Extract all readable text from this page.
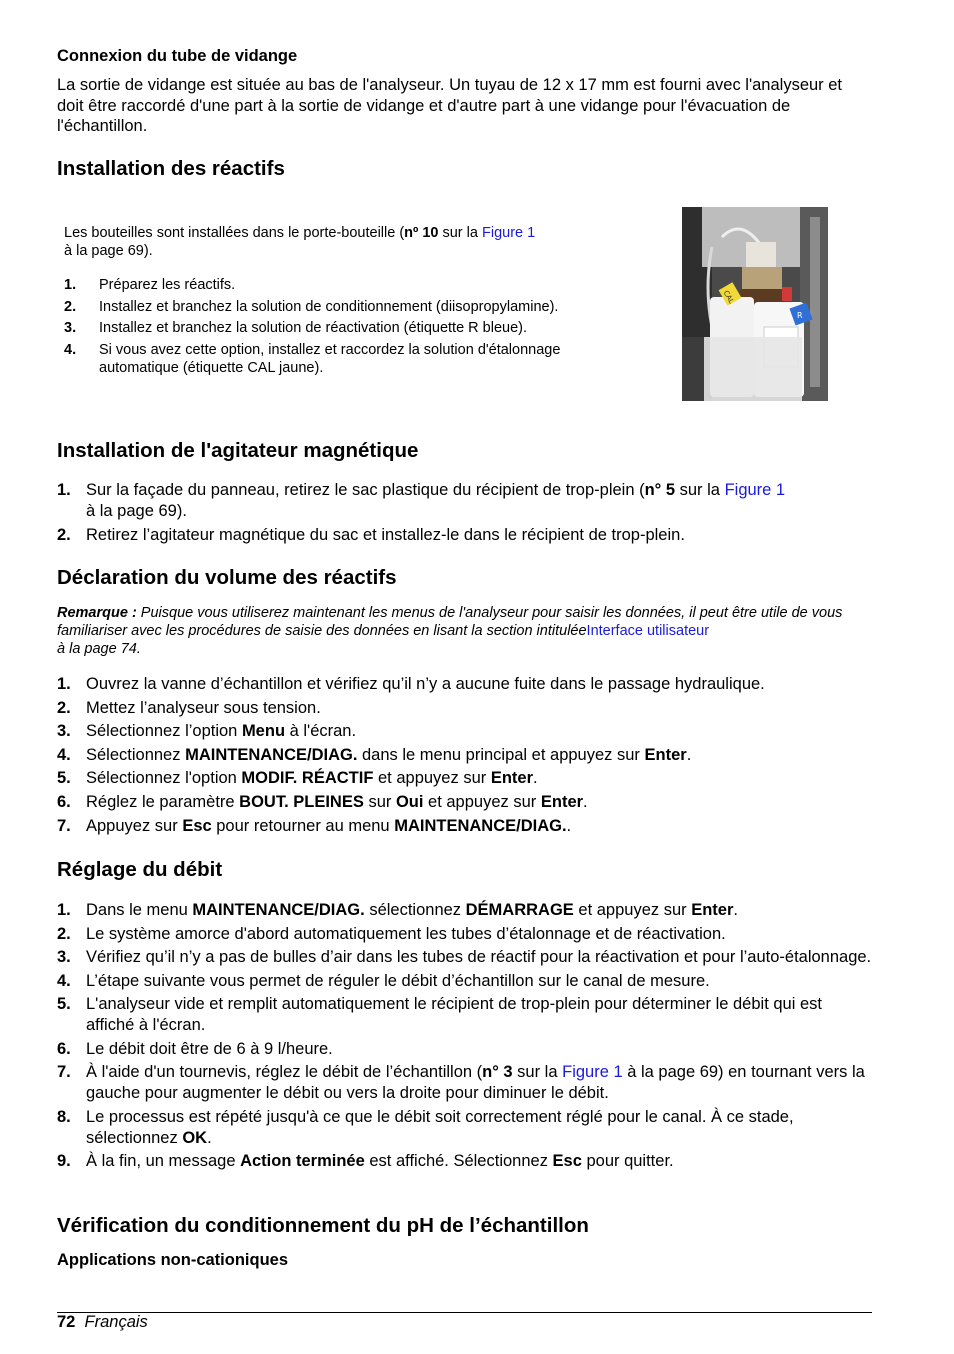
Connexion du tube de vidange
La sortie de vidange est située au bas de l'analyseur. Un tuyau de 12 x 17 mm est fourni avec l'analyseur et doit être raccordé d'une part à la sortie de vidange et d'autre part à une vidange pour l'évacuation de l'échantillon.
Installation des réactifs
Les bouteilles sont installées dans le porte-bouteille (nº 10 sur la Figure 1
à la page 69).
1. Préparez les réactifs.
2. Installez et branchez la solution de conditionnement (diisopropylamine).
3. Installez et branchez la solution de réactivation (étiquette R bleue).
4. Si vous avez cette option, installez et raccordez la solution d'étalonnage automatique (étiquette CAL jaune).
CAL
R
Installation de l'agitateur magnétique
1. Sur la façade du panneau, retirez le sac plastique du récipient de trop-plein (n° 5 sur la Figure 1
à la page 69).
2. Retirez l’agitateur magnétique du sac et installez-le dans le récipient de trop-plein.
Déclaration du volume des réactifs
Remarque : Puisque vous utiliserez maintenant les menus de l'analyseur pour saisir les données, il peut être utile de vous familiariser avec les procédures de saisie des données en lisant la section intituléeInterface utilisateur
à la page 74.
1. Ouvrez la vanne d’échantillon et vérifiez qu’il n’y a aucune fuite dans le passage hydraulique.
2. Mettez l’analyseur sous tension.
3. Sélectionnez l’option Menu à l'écran.
4. Sélectionnez MAINTENANCE/DIAG. dans le menu principal et appuyez sur Enter.
5. Sélectionnez l'option MODIF. RÉACTIF et appuyez sur Enter.
6. Réglez le paramètre BOUT. PLEINES sur Oui et appuyez sur Enter.
7. Appuyez sur Esc pour retourner au menu MAINTENANCE/DIAG..
Réglage du débit
1. Dans le menu MAINTENANCE/DIAG. sélectionnez DÉMARRAGE et appuyez sur Enter.
2. Le système amorce d'abord automatiquement les tubes d’étalonnage et de réactivation.
3. Vérifiez qu’il n’y a pas de bulles d’air dans les tubes de réactif pour la réactivation et pour l’auto-étalonnage.
4. L’étape suivante vous permet de réguler le débit d’échantillon sur le canal de mesure.
5. L'analyseur vide et remplit automatiquement le récipient de trop-plein pour déterminer le débit qui est affiché à l'écran.
6. Le débit doit être de 6 à 9 l/heure.
7. À l'aide d'un tournevis, réglez le débit de l’échantillon (n° 3 sur la Figure 1 à la page 69) en tournant vers la gauche pour augmenter le débit ou vers la droite pour diminuer le débit.
8. Le processus est répété jusqu'à ce que le débit soit correctement réglé pour le canal. À ce stade, sélectionnez OK.
9. À la fin, un message Action terminée est affiché. Sélectionnez Esc pour quitter.
Vérification du conditionnement du pH de l’échantillon
Applications non-cationiques
72 Français
